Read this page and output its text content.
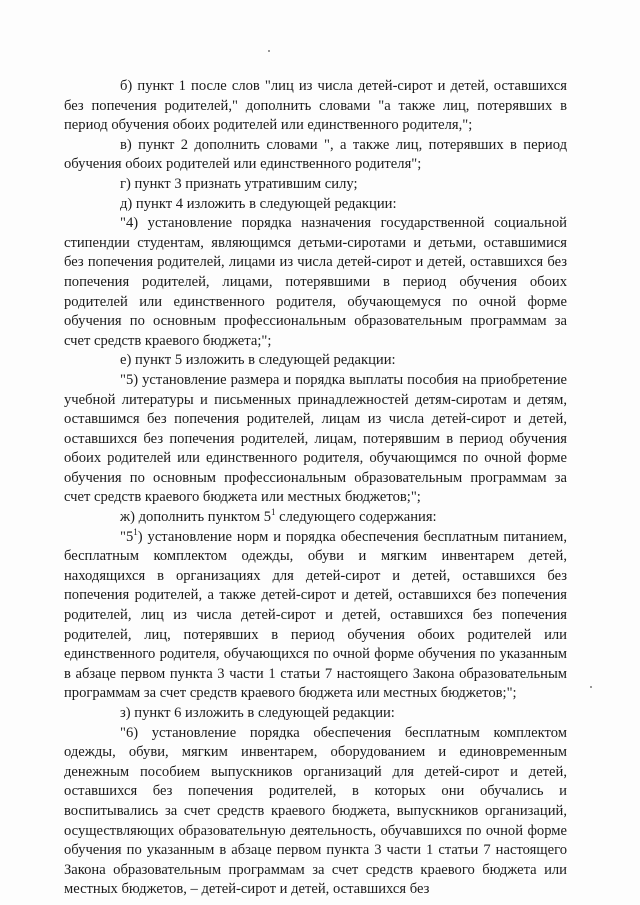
б) пункт 1 после слов "лиц из числа детей-сирот и детей, оставшихся без попечения родителей," дополнить словами "а также лиц, потерявших в период обучения обоих родителей или единственного родителя,";

в) пункт 2 дополнить словами ", а также лиц, потерявших в период обучения обоих родителей или единственного родителя";

г) пункт 3 признать утратившим силу;

д) пункт 4 изложить в следующей редакции:

"4) установление порядка назначения государственной социальной стипендии студентам, являющимся детьми-сиротами и детьми, оставшимися без попечения родителей, лицами из числа детей-сирот и детей, оставшихся без попечения родителей, лицами, потерявшими в период обучения обоих родителей или единственного родителя, обучающемуся по очной форме обучения по основным профессиональным образовательным программам за счет средств краевого бюджета;";

е) пункт 5 изложить в следующей редакции:

"5) установление размера и порядка выплаты пособия на приобретение учебной литературы и письменных принадлежностей детям-сиротам и детям, оставшимся без попечения родителей, лицам из числа детей-сирот и детей, оставшихся без попечения родителей, лицам, потерявшим в период обучения обоих родителей или единственного родителя, обучающимся по очной форме обучения по основным профессиональным образовательным программам за счет средств краевого бюджета или местных бюджетов;";

ж) дополнить пунктом $5^1$ следующего содержания:

"$5^1$) установление норм и порядка обеспечения бесплатным питанием, бесплатным комплектом одежды, обуви и мягким инвентарем детей, находящихся в организациях для детей-сирот и детей, оставшихся без попечения родителей, а также детей-сирот и детей, оставшихся без попечения родителей, лиц из числа детей-сирот и детей, оставшихся без попечения родителей, лиц, потерявших в период обучения обоих родителей или единственного родителя, обучающихся по очной форме обучения по указанным в абзаце первом пункта 3 части 1 статьи 7 настоящего Закона образовательным программам за счет средств краевого бюджета или местных бюджетов;";

з) пункт 6 изложить в следующей редакции:

"6) установление порядка обеспечения бесплатным комплектом одежды, обуви, мягким инвентарем, оборудованием и единовременным денежным пособием выпускников организаций для детей-сирот и детей, оставшихся без попечения родителей, в которых они обучались и воспитывались за счет средств краевого бюджета, выпускников организаций, осуществляющих образовательную деятельность, обучавшихся по очной форме обучения по указанным в абзаце первом пункта 3 части 1 статьи 7 настоящего Закона образовательным программам за счет средств краевого бюджета или местных бюджетов, – детей-сирот и детей, оставшихся без
